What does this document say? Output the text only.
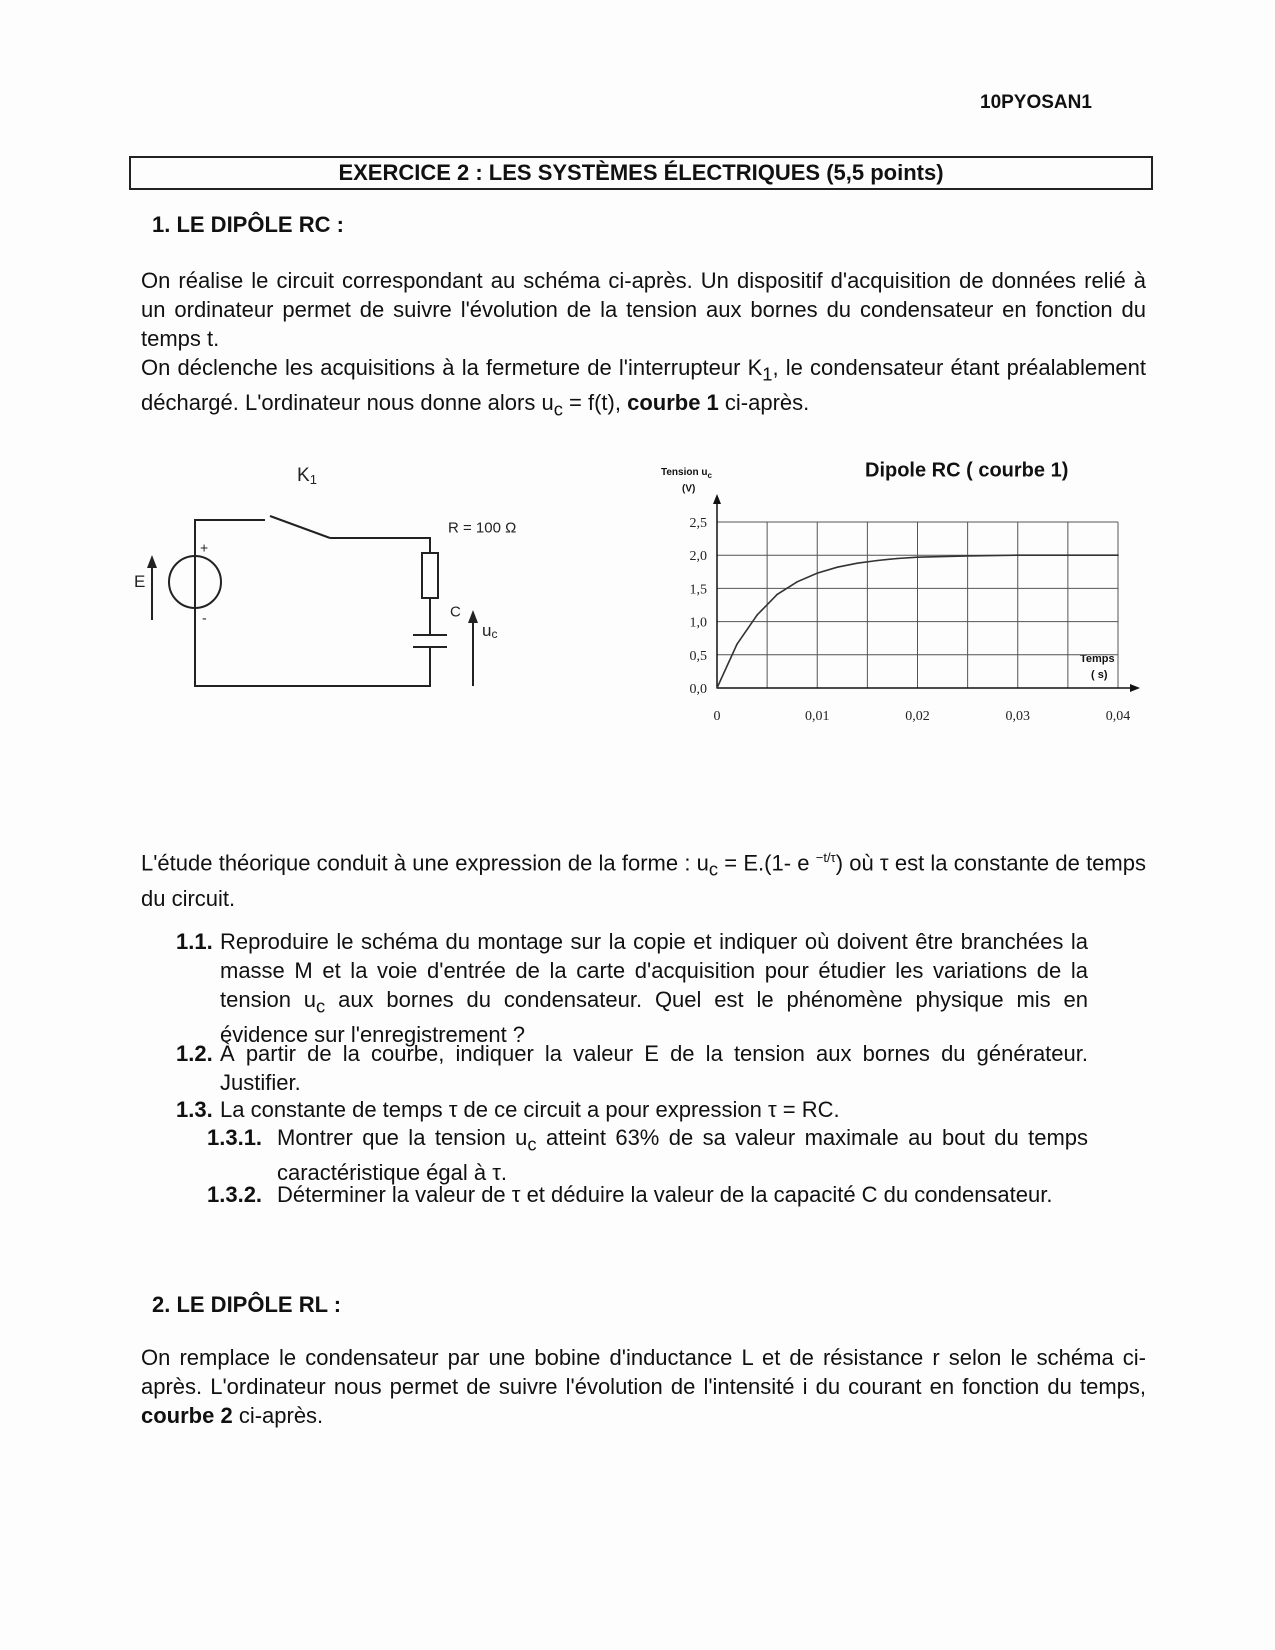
10PYOSAN1
EXERCICE 2 : LES SYSTÈMES ÉLECTRIQUES (5,5 points)
1. LE DIPÔLE RC :

On réalise le circuit correspondant au schéma ci-après. Un dispositif d'acquisition de données relié à un ordinateur permet de suivre l'évolution de la tension aux bornes du condensateur en fonction du temps t.

On déclenche les acquisitions à la fermeture de l'interrupteur $K_1$, le condensateur étant préalablement déchargé. L'ordinateur nous donne alors $u_c = f(t)$, courbe 1 ci-après.

$K_1$
R = 100 Ω
C
$u_c$
E
+
-
Dipole RC ( courbe 1)
Tension $u_c$
(V)
Temps
( s)
0,0
0,5
1,0
1,5
2,0
2,5
0	0,01	0,02	0,03	0,04

L'étude théorique conduit à une expression de la forme : $u_c = E.(1-$ e $^{-t/\tau}$) où τ est la constante de temps du circuit.

1.1. Reproduire le schéma du montage sur la copie et indiquer où doivent être branchées la masse M et la voie d'entrée de la carte d'acquisition pour étudier les variations de la tension $u_c$ aux bornes du condensateur. Quel est le phénomène physique mis en évidence sur l'enregistrement ?
1.2. À partir de la courbe, indiquer la valeur E de la tension aux bornes du générateur. Justifier.
1.3. La constante de temps τ de ce circuit a pour expression τ = RC.
1.3.1. Montrer que la tension $u_c$ atteint 63% de sa valeur maximale au bout du temps caractéristique égal à τ.
1.3.2. Déterminer la valeur de τ et déduire la valeur de la capacité C du condensateur.
2. LE DIPÔLE RL :

On remplace le condensateur par une bobine d'inductance L et de résistance r selon le schéma ci-après. L'ordinateur nous permet de suivre l'évolution de l'intensité i du courant en fonction du temps, courbe 2 ci-après.
